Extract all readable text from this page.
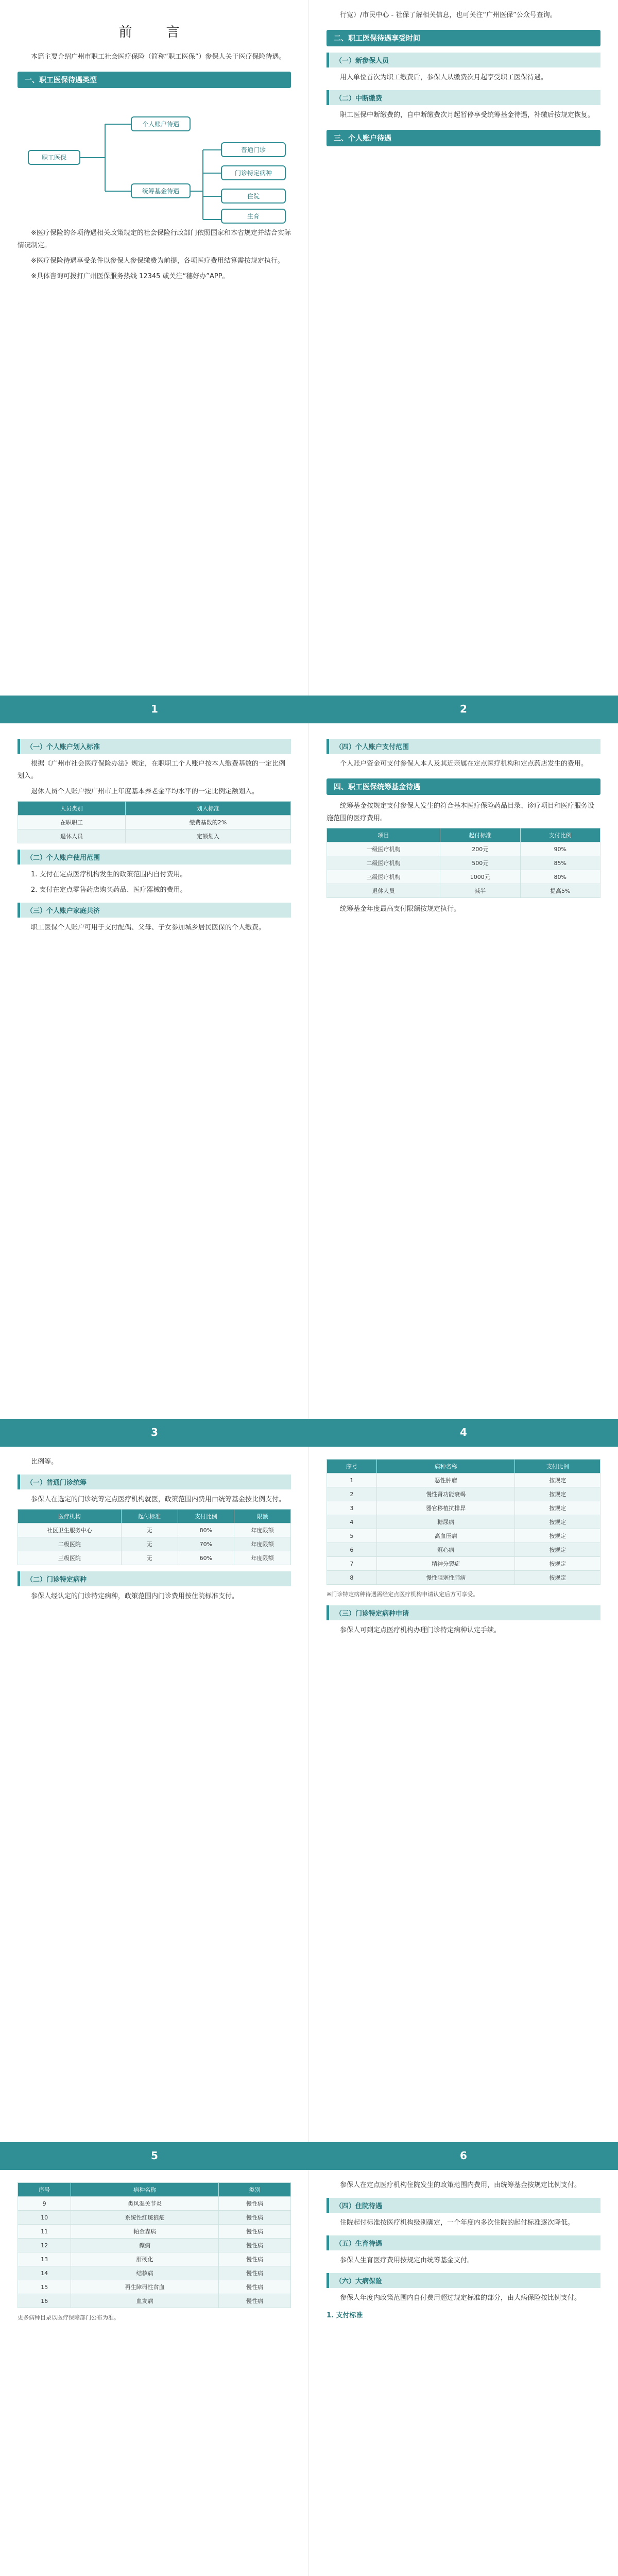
前　言

本篇主要介绍广州市职工社会医疗保险（简称“职工医保”）参保人关于医疗保险待遇。

一、职工医保待遇类型
职工医保
个人账户待遇
统筹基金待遇
普通门诊
门诊特定病种
住院
生育

※医疗保险的各项待遇相关政策规定的社会保险行政部门依照国家和本省规定并结合实际情况制定。

※医疗保险待遇享受条件以参保人参保缴费为前提，各项医疗费用结算需按规定执行。

※具体咨询可拨打广州医保服务热线 12345 或关注“穗好办”APP。

行宽）/市民中心 - 社保了解相关信息，也可关注“广州医保”公众号查询。

二、职工医保待遇享受时间
（一）新参保人员

用人单位首次为职工缴费后，参保人从缴费次月起享受职工医保待遇。

（二）中断缴费

职工医保中断缴费的，自中断缴费次月起暂停享受统筹基金待遇，补缴后按规定恢复。

三、个人账户待遇
1	2
（一）个人账户划入标准

根据《广州市社会医疗保险办法》规定，在职职工个人账户按本人缴费基数的一定比例划入。

退休人员个人账户按广州市上年度基本养老金平均水平的一定比例定额划入。

人员类别	划入标准
在职职工	缴费基数的2%
退休人员	定额划入
（二）个人账户使用范围

1. 支付在定点医疗机构发生的政策范围内自付费用。

2. 支付在定点零售药店购买药品、医疗器械的费用。

（三）个人账户家庭共济

职工医保个人账户可用于支付配偶、父母、子女参加城乡居民医保的个人缴费。

（四）个人账户支付范围

个人账户资金可支付参保人本人及其近亲属在定点医疗机构和定点药店发生的费用。

四、职工医保统筹基金待遇

统筹基金按规定支付参保人发生的符合基本医疗保险药品目录、诊疗项目和医疗服务设施范围的医疗费用。

项目	起付标准	支付比例
一级医疗机构	200元	90%
二级医疗机构	500元	85%
三级医疗机构	1000元	80%
退休人员	减半	提高5%

统筹基金年度最高支付限额按规定执行。

3	4

比例等。

（一）普通门诊统筹

参保人在选定的门诊统筹定点医疗机构就医，政策范围内费用由统筹基金按比例支付。

医疗机构	起付标准	支付比例	限额
社区卫生服务中心	无	80%	年度限额
二级医院	无	70%	年度限额
三级医院	无	60%	年度限额
（二）门诊特定病种

参保人经认定的门诊特定病种，政策范围内门诊费用按住院标准支付。

序号	病种名称	支付比例
1	恶性肿瘤	按规定
2	慢性肾功能衰竭	按规定
3	器官移植抗排异	按规定
4	糖尿病	按规定
5	高血压病	按规定
6	冠心病	按规定
7	精神分裂症	按规定
8	慢性阻塞性肺病	按规定

※门诊特定病种待遇需经定点医疗机构申请认定后方可享受。

（三）门诊特定病种申请

参保人可到定点医疗机构办理门诊特定病种认定手续。

5	6
序号	病种名称	类别
9	类风湿关节炎	慢性病
10	系统性红斑狼疮	慢性病
11	帕金森病	慢性病
12	癫痫	慢性病
13	肝硬化	慢性病
14	结核病	慢性病
15	再生障碍性贫血	慢性病
16	血友病	慢性病

更多病种目录以医疗保障部门公布为准。

参保人在定点医疗机构住院发生的政策范围内费用，由统筹基金按规定比例支付。

（四）住院待遇

住院起付标准按医疗机构级别确定，一个年度内多次住院的起付标准逐次降低。

（五）生育待遇

参保人生育医疗费用按规定由统筹基金支付。

（六）大病保险

参保人年度内政策范围内自付费用超过规定标准的部分，由大病保险按比例支付。

1. 支付标准
